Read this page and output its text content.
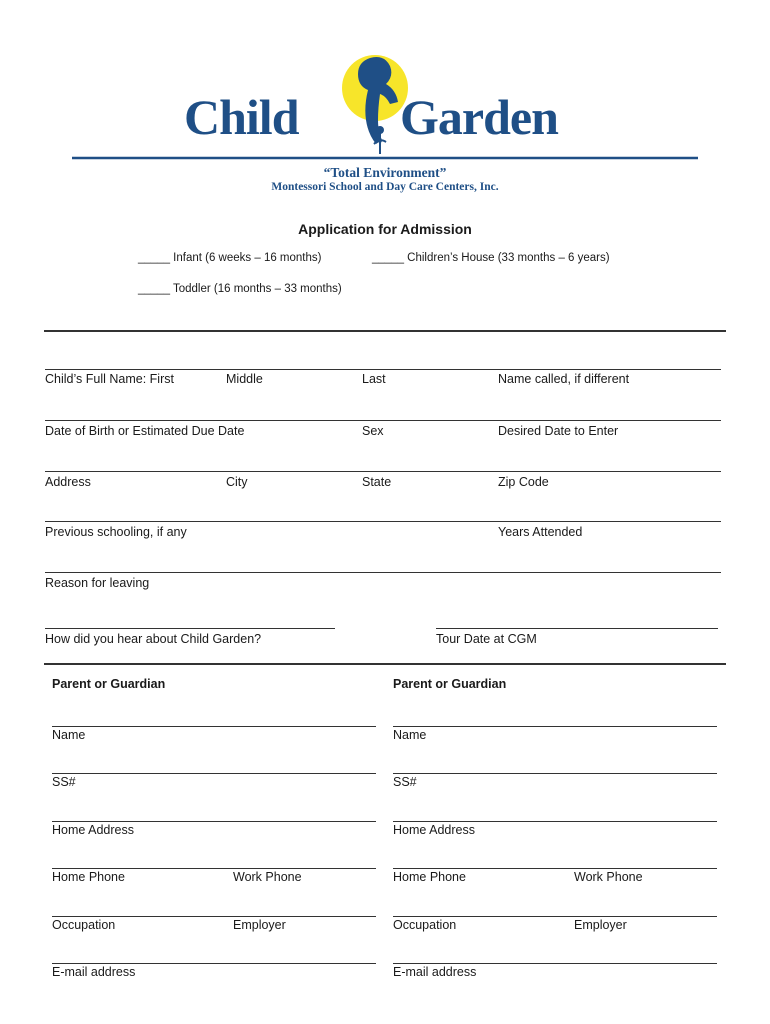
Child Garden
“Total Environment”
Montessori School and Day Care Centers, Inc.
Application for Admission
_____ Infant (6 weeks – 16 months)	_____ Children’s House (33 months – 6 years)
_____ Toddler (16 months – 33 months)
Child’s Full Name: First	Middle	Last	Name called, if different
Date of Birth or Estimated Due Date	Sex	Desired Date to Enter
Address	City	State	Zip Code
Previous schooling, if any	Years Attended
Reason for leaving
How did you hear about Child Garden?	Tour Date at CGM
Parent or Guardian
Name
SS#
Home Address
Home Phone	Work Phone
Occupation	Employer
E-mail address
Parent or Guardian
Name
SS#
Home Address
Home Phone	Work Phone
Occupation	Employer
E-mail address
